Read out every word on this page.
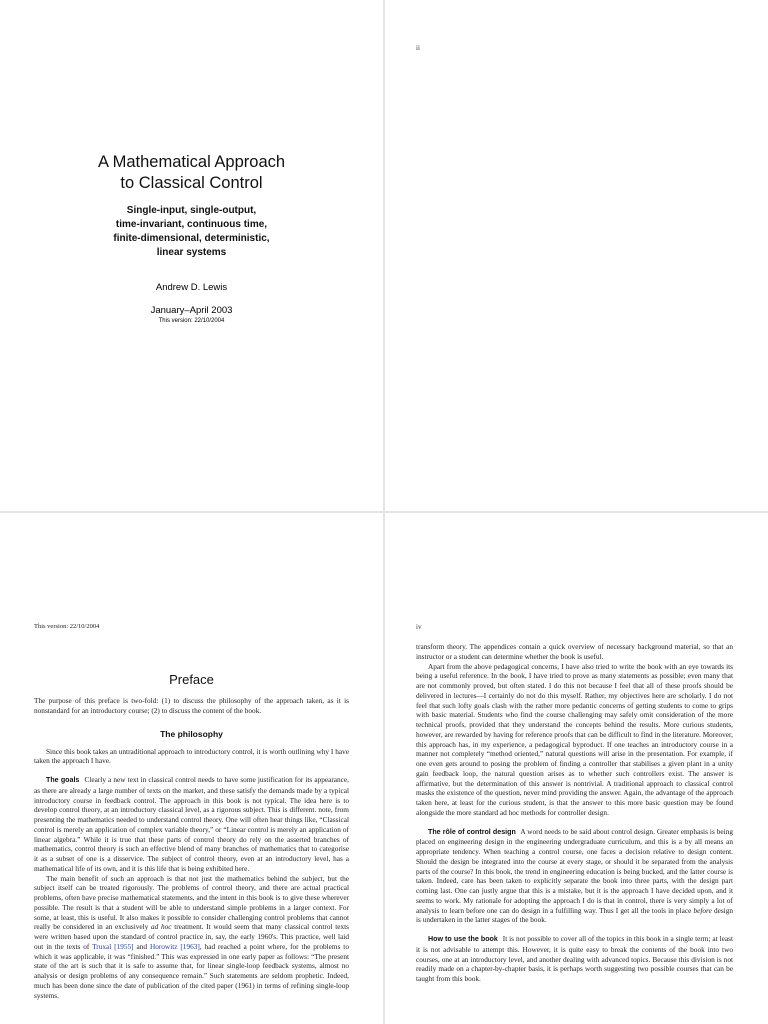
ii
This version: 22/10/2004
Preface

The purpose of this preface is two-fold: (1) to discuss the philosophy of the approach taken, as it is nonstandard for an introductory course; (2) to discuss the content of the book.

The philosophy

Since this book takes an untraditional approach to introductory control, it is worth outlining why I have taken the approach I have.

The goals Clearly a new text in classical control needs to have some justification for its appearance, as there are already a large number of texts on the market, and these satisfy the demands made by a typical introductory course in feedback control. The approach in this book is not typical. The idea here is to develop control theory, at an introductory classical level, as a rigorous subject. This is different. note, from presenting the mathematics needed to understand control theory. One will often hear things like, “Classical control is merely an application of complex variable theory,” or “Linear control is merely an application of linear algebra.” While it is true that these parts of control theory do rely on the asserted branches of mathematics, control theory is such an effective blend of many branches of mathematics that to categorise it as a subset of one is a disservice. The subject of control theory, even at an introductory level, has a mathematical life of its own, and it is this life that is being exhibited here.

The main benefit of such an approach is that not just the mathematics behind the subject, but the subject itself can be treated rigorously. The problems of control theory, and there are actual practical problems, often have precise mathematical statements, and the intent in this book is to give these wherever possible. The result is that a student will be able to understand simple problems in a larger context. For some, at least, this is useful. It also makes it possible to consider challenging control problems that cannot really be considered in an exclusively ad hoc treatment. It would seem that many classical control texts were written based upon the standard of control practice in, say, the early 1960's. This practice, well laid out in the texts of Truxal [1955] and Horowitz [1963], had reached a point where, for the problems to which it was applicable, it was “finished.” This was expressed in one early paper as follows: “The present state of the art is such that it is safe to assume that, for linear single-loop feedback systems, almost no analysis or design problems of any consequence remain.” Such statements are seldom prophetic. Indeed, much has been done since the date of publication of the cited paper (1961) in terms of refining single-loop systems.

iv

transform theory. The appendices contain a quick overview of necessary background material, so that an instructor or a student can determine whether the book is useful.

Apart from the above pedagogical concerns, I have also tried to write the book with an eye towards its being a useful reference. In the book, I have tried to prove as many statements as possible; even many that are not commonly proved, but often stated. I do this not because I feel that all of these proofs should be delivered in lectures—I certainly do not do this myself. Rather, my objectives here are scholarly. I do not feel that such lofty goals clash with the rather more pedantic concerns of getting students to come to grips with basic material. Students who find the course challenging may safely omit consideration of the more technical proofs, provided that they understand the concepts behind the results. More curious students, however, are rewarded by having for reference proofs that can be difficult to find in the literature. Moreover, this approach has, in my experience, a pedagogical byproduct. If one teaches an introductory course in a manner not completely “method oriented,” natural questions will arise in the presentation. For example, if one even gets around to posing the problem of finding a controller that stabilises a given plant in a unity gain feedback loop, the natural question arises as to whether such controllers exist. The answer is affirmative, but the determination of this answer is nontrivial. A traditional approach to classical control masks the existence of the question, never mind providing the answer. Again, the advantage of the approach taken here, at least for the curious student, is that the answer to this more basic question may be found alongside the more standard ad hoc methods for controller design.

The rôle of control design A word needs to be said about control design. Greater emphasis is being placed on engineering design in the engineering undergraduate curriculum, and this is a by all means an appropriate tendency. When teaching a control course, one faces a decision relative to design content. Should the design be integrated into the course at every stage, or should it be separated from the analysis parts of the course? In this book, the trend in engineering education is being bucked, and the latter course is taken. Indeed, care has been taken to explicitly separate the book into three parts, with the design part coming last. One can justly argue that this is a mistake, but it is the approach I have decided upon, and it seems to work. My rationale for adopting the approach I do is that in control, there is very simply a lot of analysis to learn before one can do design in a fulfilling way. Thus I get all the tools in place before design is undertaken in the latter stages of the book.

How to use the book It is not possible to cover all of the topics in this book in a single term; at least it is not advisable to attempt this. However, it is quite easy to break the contents of the book into two courses, one at an introductory level, and another dealing with advanced topics. Because this division is not readily made on a chapter-by-chapter basis, it is perhaps worth suggesting two possible courses that can be taught from this book.

A Mathematical Approach
to Classical Control
Single-input, single-output,
time-invariant, continuous time,
finite-dimensional, deterministic,
linear systems
Andrew D. Lewis
January–April 2003
This version: 22/10/2004
